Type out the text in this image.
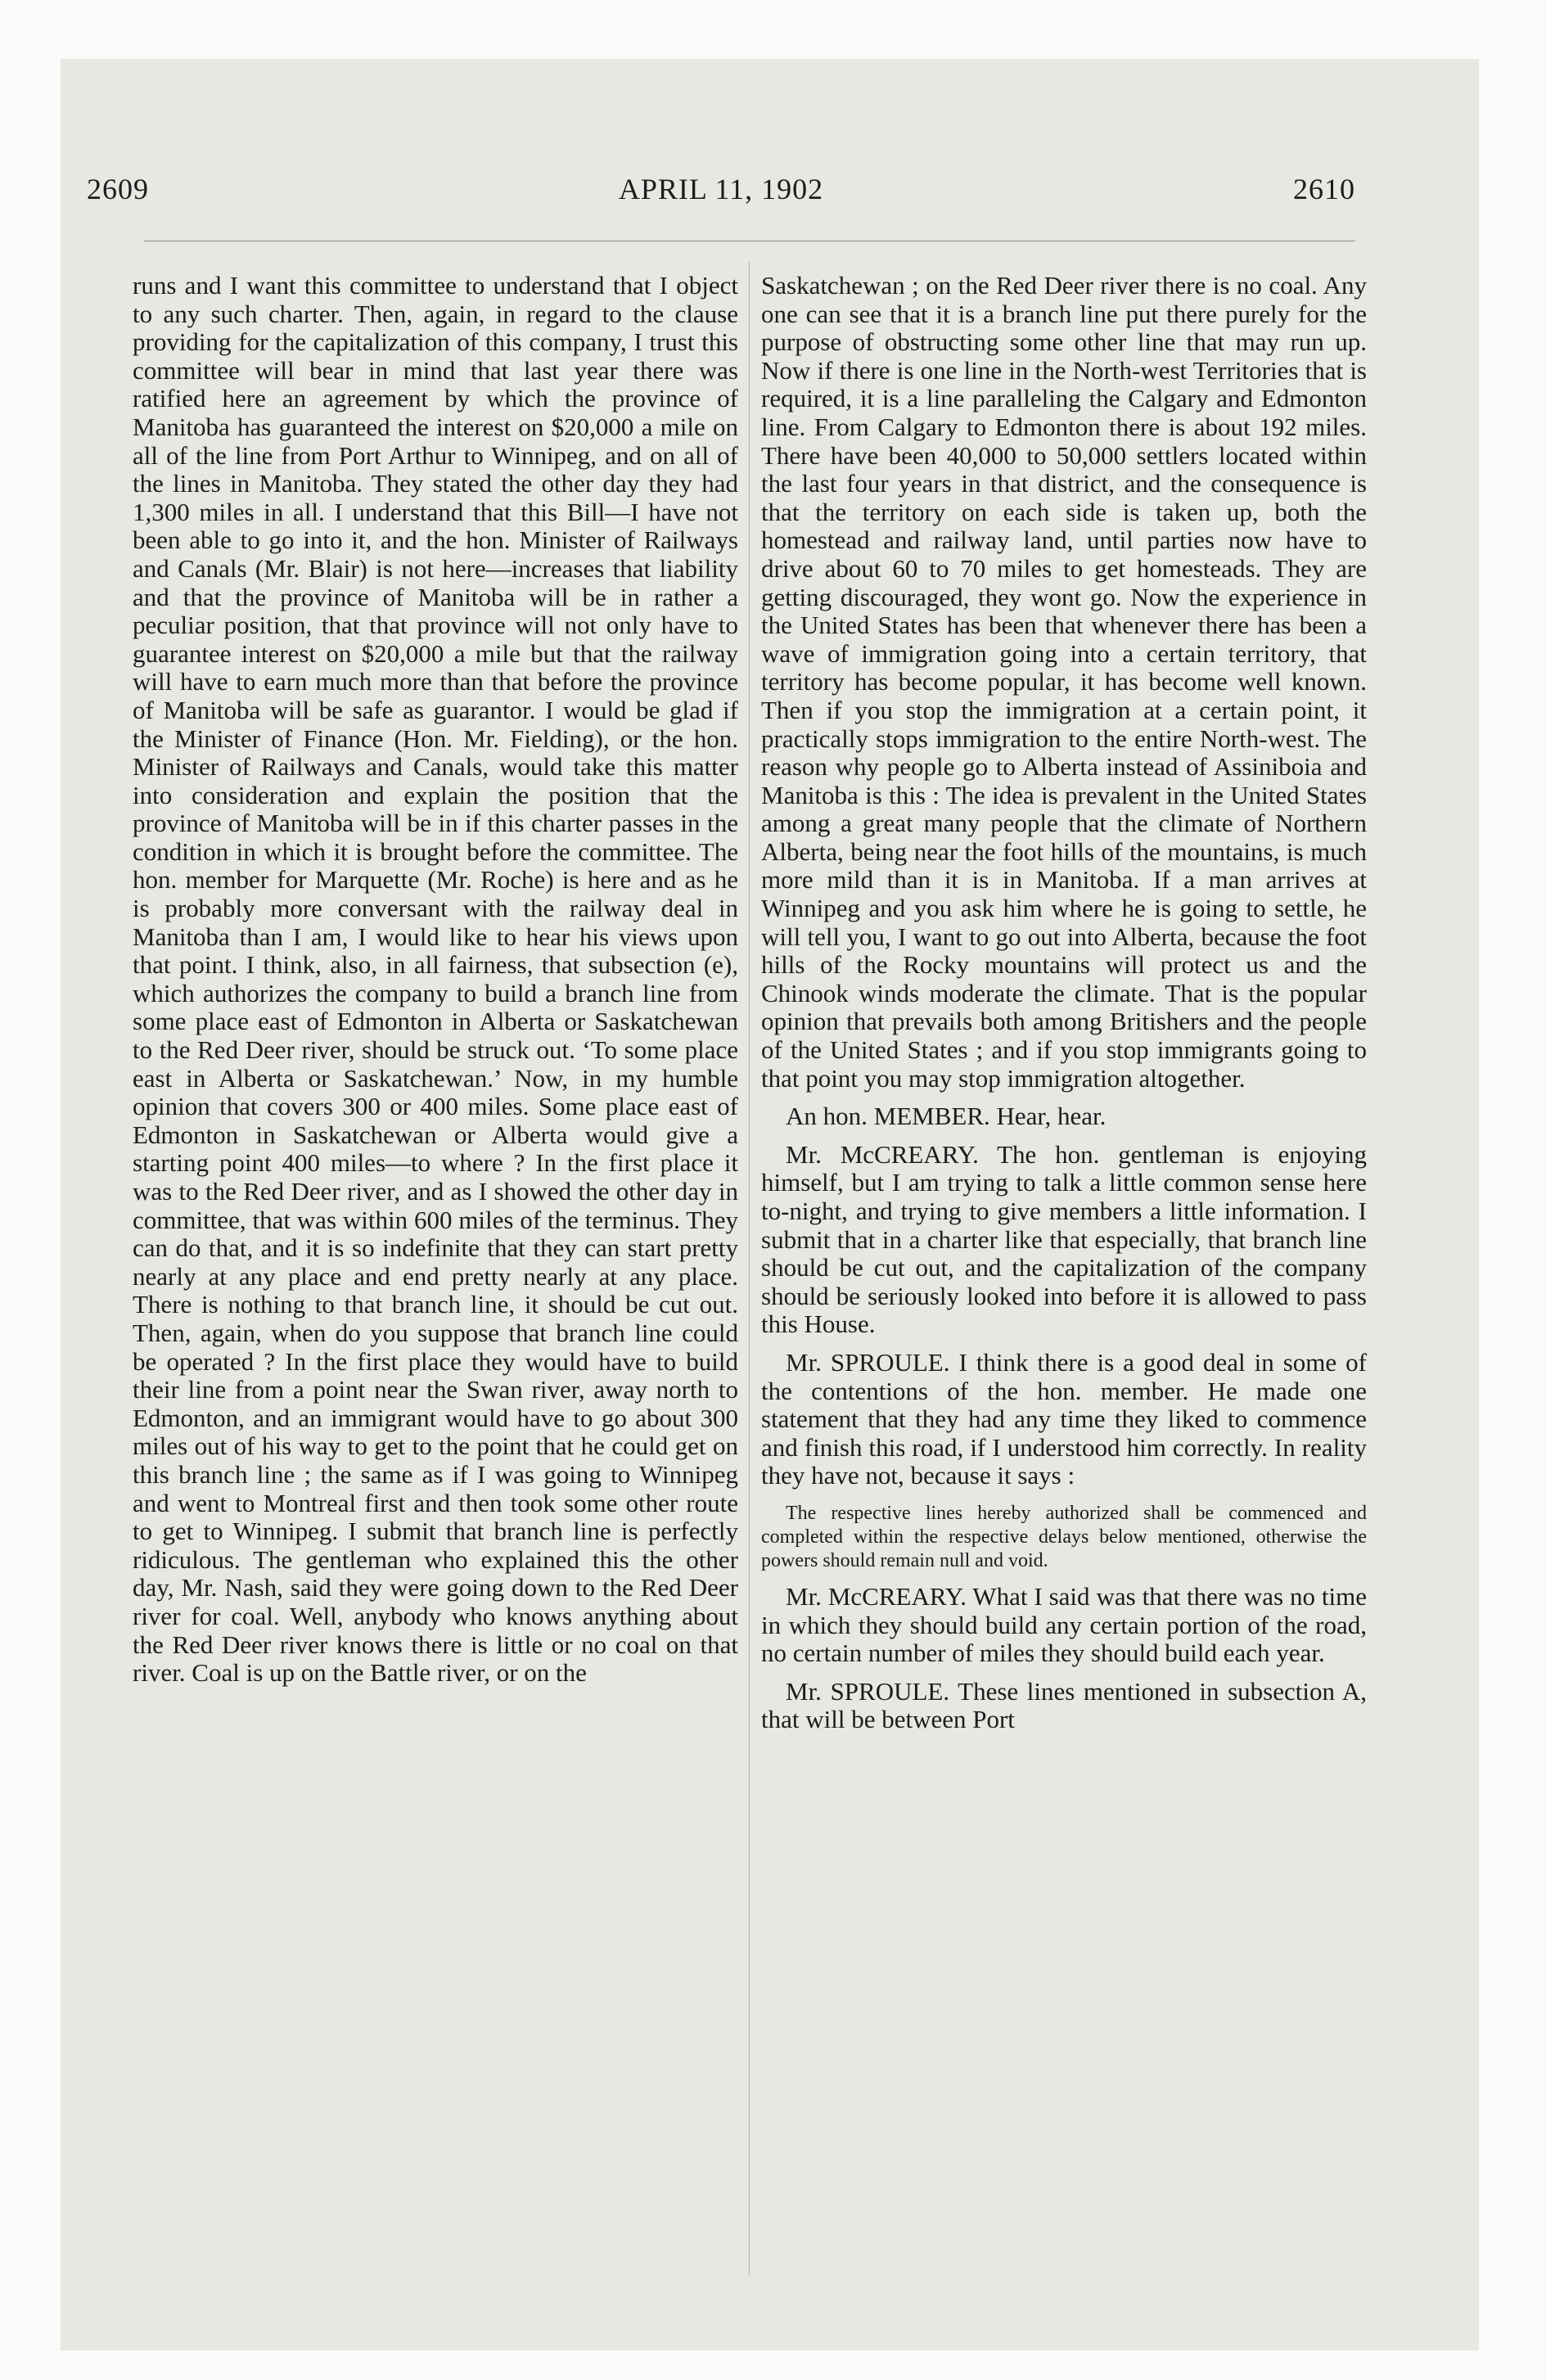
2609	APRIL 11, 1902	2610

runs and I want this committee to understand that I object to any such charter. Then, again, in regard to the clause providing for the capitalization of this company, I trust this committee will bear in mind that last year there was ratified here an agreement by which the province of Manitoba has guaranteed the interest on $20,000 a mile on all of the line from Port Arthur to Winnipeg, and on all of the lines in Manitoba. They stated the other day they had 1,300 miles in all. I understand that this Bill—I have not been able to go into it, and the hon. Minister of Railways and Canals (Mr. Blair) is not here—increases that liability and that the province of Manitoba will be in rather a peculiar position, that that province will not only have to guarantee interest on $20,000 a mile but that the railway will have to earn much more than that before the province of Manitoba will be safe as guarantor. I would be glad if the Minister of Finance (Hon. Mr. Fielding), or the hon. Minister of Railways and Canals, would take this matter into consideration and explain the position that the province of Manitoba will be in if this charter passes in the condition in which it is brought before the committee. The hon. member for Marquette (Mr. Roche) is here and as he is probably more conversant with the railway deal in Manitoba than I am, I would like to hear his views upon that point. I think, also, in all fairness, that subsection (e), which authorizes the company to build a branch line from some place east of Edmonton in Alberta or Saskatchewan to the Red Deer river, should be struck out. ‘To some place east in Alberta or Saskatchewan.’ Now, in my humble opinion that covers 300 or 400 miles. Some place east of Edmonton in Saskatchewan or Alberta would give a starting point 400 miles—to where ? In the first place it was to the Red Deer river, and as I showed the other day in committee, that was within 600 miles of the terminus. They can do that, and it is so indefinite that they can start pretty nearly at any place and end pretty nearly at any place. There is nothing to that branch line, it should be cut out. Then, again, when do you suppose that branch line could be operated ? In the first place they would have to build their line from a point near the Swan river, away north to Edmonton, and an immigrant would have to go about 300 miles out of his way to get to the point that he could get on this branch line ; the same as if I was going to Winnipeg and went to Montreal first and then took some other route to get to Winnipeg. I submit that branch line is perfectly ridiculous. The gentleman who explained this the other day, Mr. Nash, said they were going down to the Red Deer river for coal. Well, anybody who knows anything about the Red Deer river knows there is little or no coal on that river. Coal is up on the Battle river, or on the

Saskatchewan ; on the Red Deer river there is no coal. Any one can see that it is a branch line put there purely for the purpose of obstructing some other line that may run up. Now if there is one line in the North-west Territories that is required, it is a line paralleling the Calgary and Edmonton line. From Calgary to Edmonton there is about 192 miles. There have been 40,000 to 50,000 settlers located within the last four years in that district, and the consequence is that the territory on each side is taken up, both the homestead and railway land, until parties now have to drive about 60 to 70 miles to get homesteads. They are getting discouraged, they wont go. Now the experience in the United States has been that whenever there has been a wave of immigration going into a certain territory, that territory has become popular, it has become well known. Then if you stop the immigration at a certain point, it practically stops immigration to the entire North-west. The reason why people go to Alberta instead of Assiniboia and Manitoba is this : The idea is prevalent in the United States among a great many people that the climate of Northern Alberta, being near the foot hills of the mountains, is much more mild than it is in Manitoba. If a man arrives at Winnipeg and you ask him where he is going to settle, he will tell you, I want to go out into Alberta, because the foot hills of the Rocky mountains will protect us and the Chinook winds moderate the climate. That is the popular opinion that prevails both among Britishers and the people of the United States ; and if you stop immigrants going to that point you may stop immigration altogether.

An hon. MEMBER. Hear, hear.

Mr. McCREARY. The hon. gentleman is enjoying himself, but I am trying to talk a little common sense here to-night, and trying to give members a little information. I submit that in a charter like that especially, that branch line should be cut out, and the capitalization of the company should be seriously looked into before it is allowed to pass this House.

Mr. SPROULE. I think there is a good deal in some of the contentions of the hon. member. He made one statement that they had any time they liked to commence and finish this road, if I understood him correctly. In reality they have not, because it says :

The respective lines hereby authorized shall be commenced and completed within the respective delays below mentioned, otherwise the powers should remain null and void.

Mr. McCREARY. What I said was that there was no time in which they should build any certain portion of the road, no certain number of miles they should build each year.

Mr. SPROULE. These lines mentioned in subsection A, that will be between Port
